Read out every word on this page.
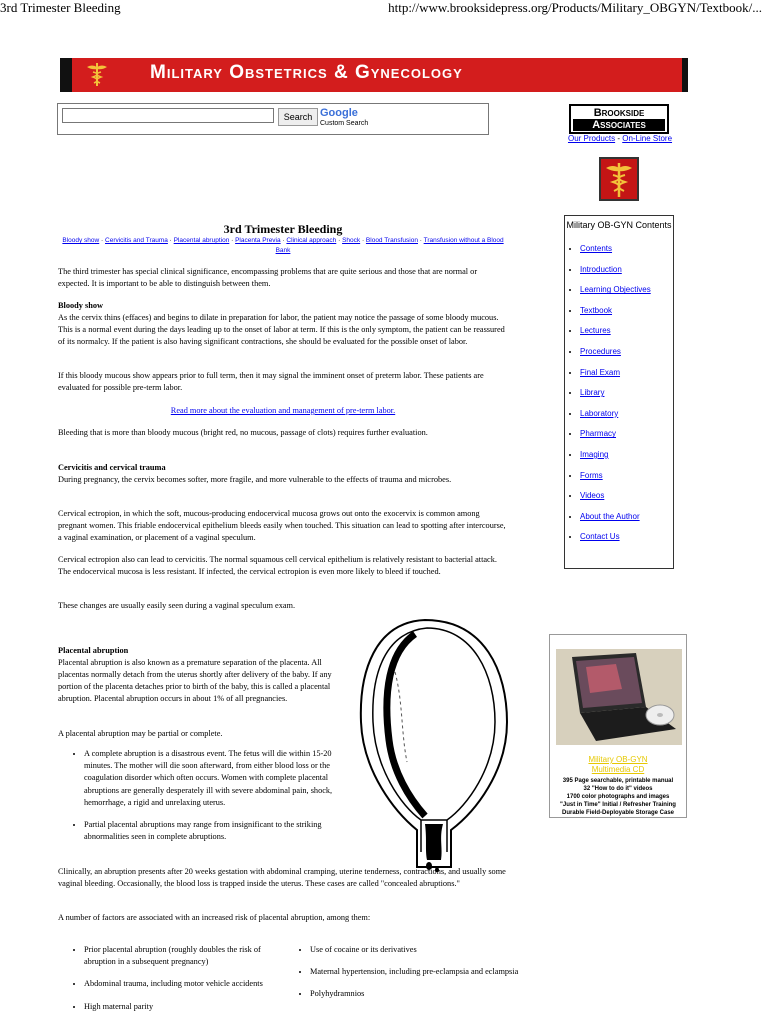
3rd Trimester Bleeding	http://www.brooksidepress.org/Products/Military_OBGYN/Textbook/...
Military Obstetrics & Gynecology
Search Google
Custom Search
Brookside
Associates
Our Products - On-Line Store
Military OB-GYN Contents
• Contents
• Introduction
• Learning Objectives
• Textbook
• Lectures
• Procedures
• Final Exam
• Library
• Laboratory
• Pharmacy
• Imaging
• Forms
• Videos
• About the Author
• Contact Us
Military OB-GYN
Multimedia CD
395 Page searchable, printable manual
32 "How to do it" videos
1700 color photographs and images
"Just in Time" Initial / Refresher Training
Durable Field-Deployable Storage Case
3rd Trimester Bleeding
Bloody show · Cervicitis and Trauma · Placental abruption · Placenta Previa · Clinical approach · Shock · Blood Transfusion · Transfusion without a Blood Bank

The third trimester has special clinical significance, encompassing problems that are quite serious and those that are normal or expected. It is important to be able to distinguish between them.

Bloody show

As the cervix thins (effaces) and begins to dilate in preparation for labor, the patient may notice the passage of some bloody mucous. This is a normal event during the days leading up to the onset of labor at term. If this is the only symptom, the patient can be reassured of its normalcy. If the patient is also having significant contractions, she should be evaluated for the possible onset of labor.

If this bloody mucous show appears prior to full term, then it may signal the imminent onset of preterm labor. These patients are evaluated for possible pre-term labor.

Read more about the evaluation and management of pre-term labor.

Bleeding that is more than bloody mucous (bright red, no mucous, passage of clots) requires further evaluation.

Cervicitis and cervical trauma

During pregnancy, the cervix becomes softer, more fragile, and more vulnerable to the effects of trauma and microbes.

Cervical ectropion, in which the soft, mucous-producing endocervical mucosa grows out onto the exocervix is common among pregnant women. This friable endocervical epithelium bleeds easily when touched. This situation can lead to spotting after intercourse, a vaginal examination, or placement of a vaginal speculum.

Cervical ectropion also can lead to cervicitis. The normal squamous cell cervical epithelium is relatively resistant to bacterial attack. The endocervical mucosa is less resistant. If infected, the cervical ectropion is even more likely to bleed if touched.

These changes are usually easily seen during a vaginal speculum exam.

Placental abruption

Placental abruption is also known as a premature separation of the placenta. All placentas normally detach from the uterus shortly after delivery of the baby. If any portion of the placenta detaches prior to birth of the baby, this is called a placental abruption. Placental abruption occurs in about 1% of all pregnancies.

A placental abruption may be partial or complete.

• A complete abruption is a disastrous event. The fetus will die within 15-20 minutes. The mother will die soon afterward, from either blood loss or the coagulation disorder which often occurs. Women with complete placental abruptions are generally desperately ill with severe abdominal pain, shock, hemorrhage, a rigid and unrelaxing uterus.
• Partial placental abruptions may range from insignificant to the striking abnormalities seen in complete abruptions.

Clinically, an abruption presents after 20 weeks gestation with abdominal cramping, uterine tenderness, contractions, and usually some vaginal bleeding. Occasionally, the blood loss is trapped inside the uterus. These cases are called "concealed abruptions."

A number of factors are associated with an increased risk of placental abruption, among them:

• Prior placental abruption (roughly doubles the risk of abruption in a subsequent pregnancy)
• Abdominal trauma, including motor vehicle accidents
• High maternal parity
• Use of cocaine or its derivatives
• Maternal hypertension, including pre-eclampsia and eclampsia
• Polyhydramnios
